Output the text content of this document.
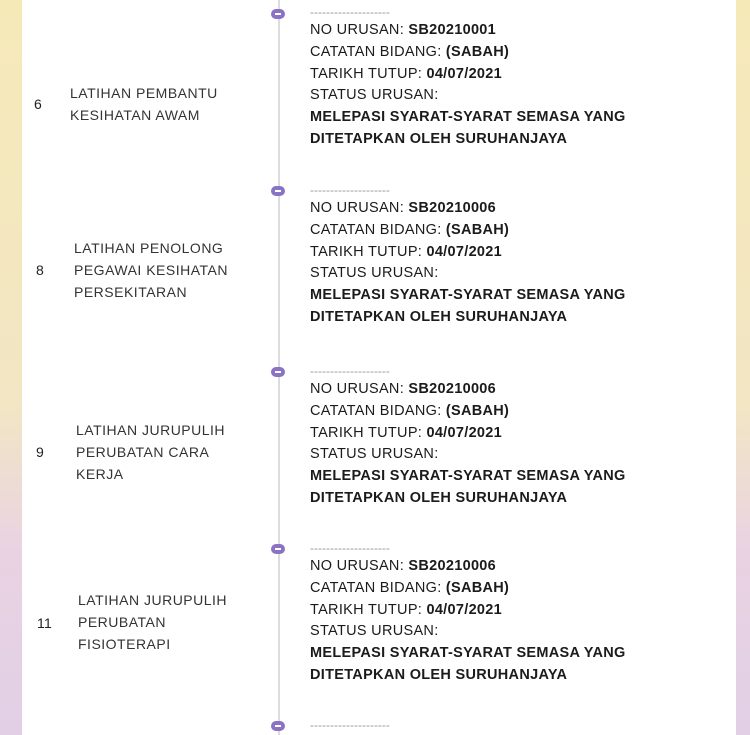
6
LATIHAN PEMBANTU KESIHATAN AWAM
--------------------
NO URUSAN: SB20210001
CATATAN BIDANG: (SABAH)
TARIKH TUTUP: 04/07/2021
STATUS URUSAN:
MELEPASI SYARAT-SYARAT SEMASA YANG DITETAPKAN OLEH SURUHANJAYA
8
LATIHAN PENOLONG PEGAWAI KESIHATAN PERSEKITARAN
--------------------
NO URUSAN: SB20210006
CATATAN BIDANG: (SABAH)
TARIKH TUTUP: 04/07/2021
STATUS URUSAN:
MELEPASI SYARAT-SYARAT SEMASA YANG DITETAPKAN OLEH SURUHANJAYA
9
LATIHAN JURUPULIH PERUBATAN CARA KERJA
--------------------
NO URUSAN: SB20210006
CATATAN BIDANG: (SABAH)
TARIKH TUTUP: 04/07/2021
STATUS URUSAN:
MELEPASI SYARAT-SYARAT SEMASA YANG DITETAPKAN OLEH SURUHANJAYA
11
LATIHAN JURUPULIH PERUBATAN FISIOTERAPI
--------------------
NO URUSAN: SB20210006
CATATAN BIDANG: (SABAH)
TARIKH TUTUP: 04/07/2021
STATUS URUSAN:
MELEPASI SYARAT-SYARAT SEMASA YANG DITETAPKAN OLEH SURUHANJAYA
--------------------
